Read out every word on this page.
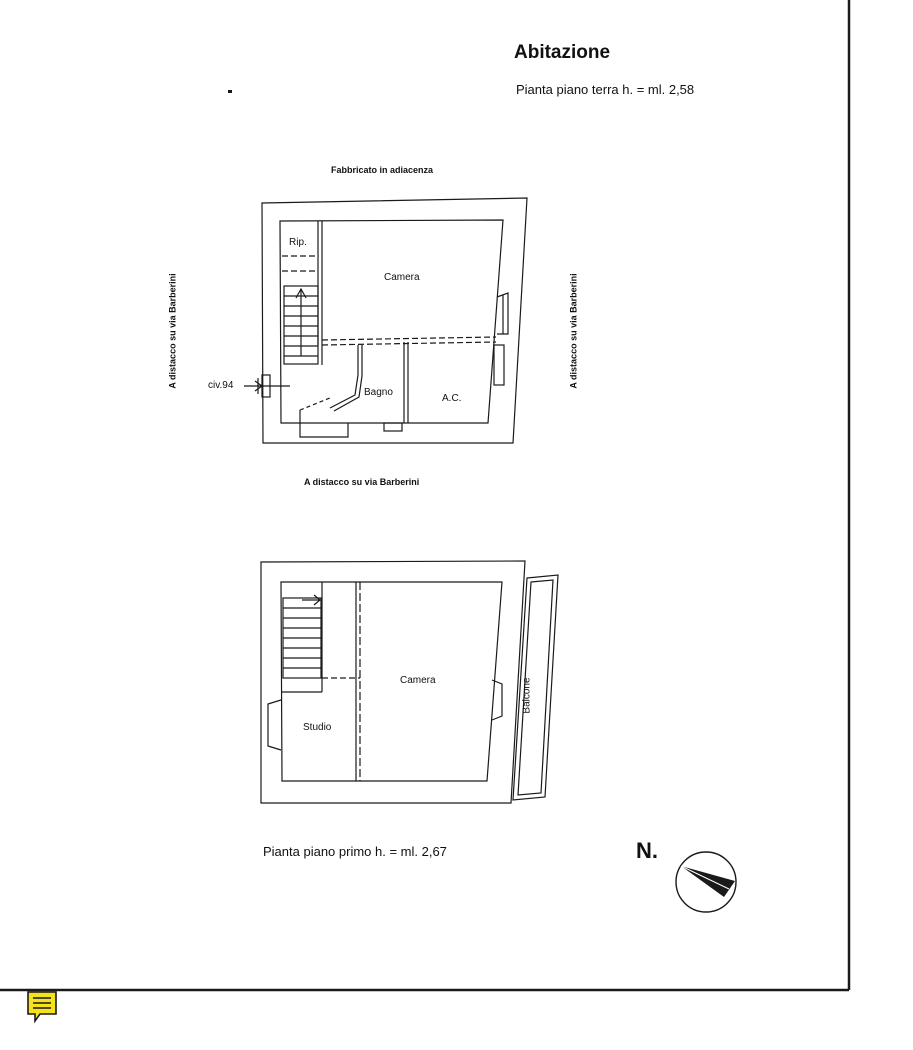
Abitazione
Pianta piano terra h. = ml. 2,58
Fabbricato in adiacenza
A distacco su via Barberini	A distacco su via Barberini
A distacco su via Barberini
civ.94
Rip.
Camera
Bagno
A.C.
Camera
Studio
Balcone
Pianta piano primo h. = ml. 2,67	N.
